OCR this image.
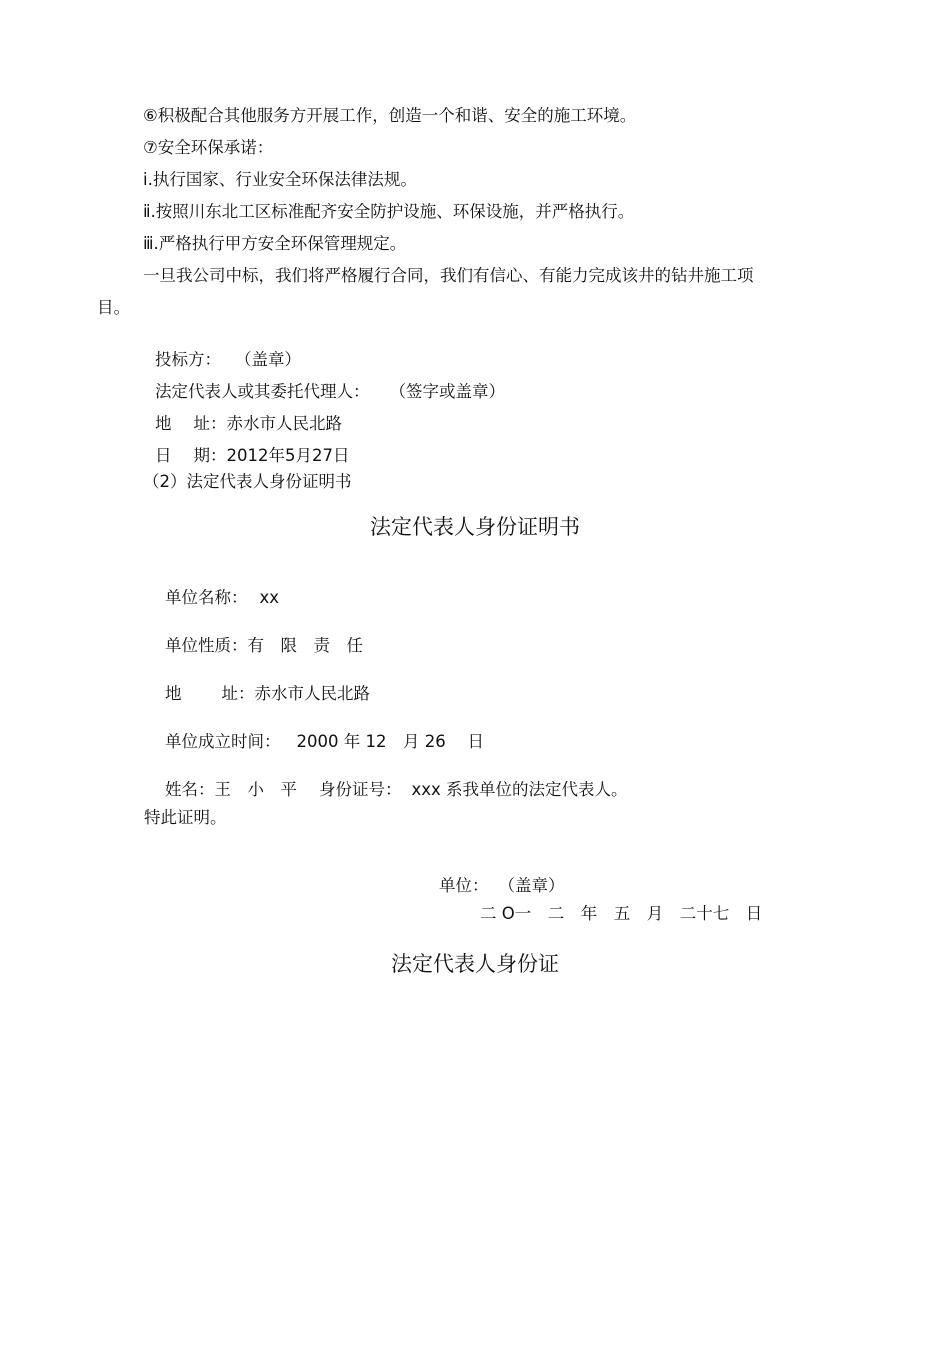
⑥积极配合其他服务方开展工作，创造一个和谐、安全的施工环境。

⑦安全环保承诺：

ⅰ.执行国家、行业安全环保法律法规。

ⅱ.按照川东北工区标准配齐安全防护设施、环保设施，并严格执行。

ⅲ.严格执行甲方安全环保管理规定。

一旦我公司中标，我们将严格履行合同，我们有信心、有能力完成该井的钻井施工项

目。

投标方： （盖章）

法定代表人或其委托代理人： （签字或盖章）

地 址：赤水市人民北路

日 期：2012年5月27日

（2）法定代表人身份证明书

法定代表人身份证明书

单位名称： xx

单位性质：有　限　责　任

地 址：赤水市人民北路

单位成立时间： 2000 年 12　月 26　 日

姓名：王　小　平 身份证号： xxx 系我单位的法定代表人。

特此证明。

单位： （盖章）

二 O一　二　年　五　月　二十七　日

法定代表人身份证
